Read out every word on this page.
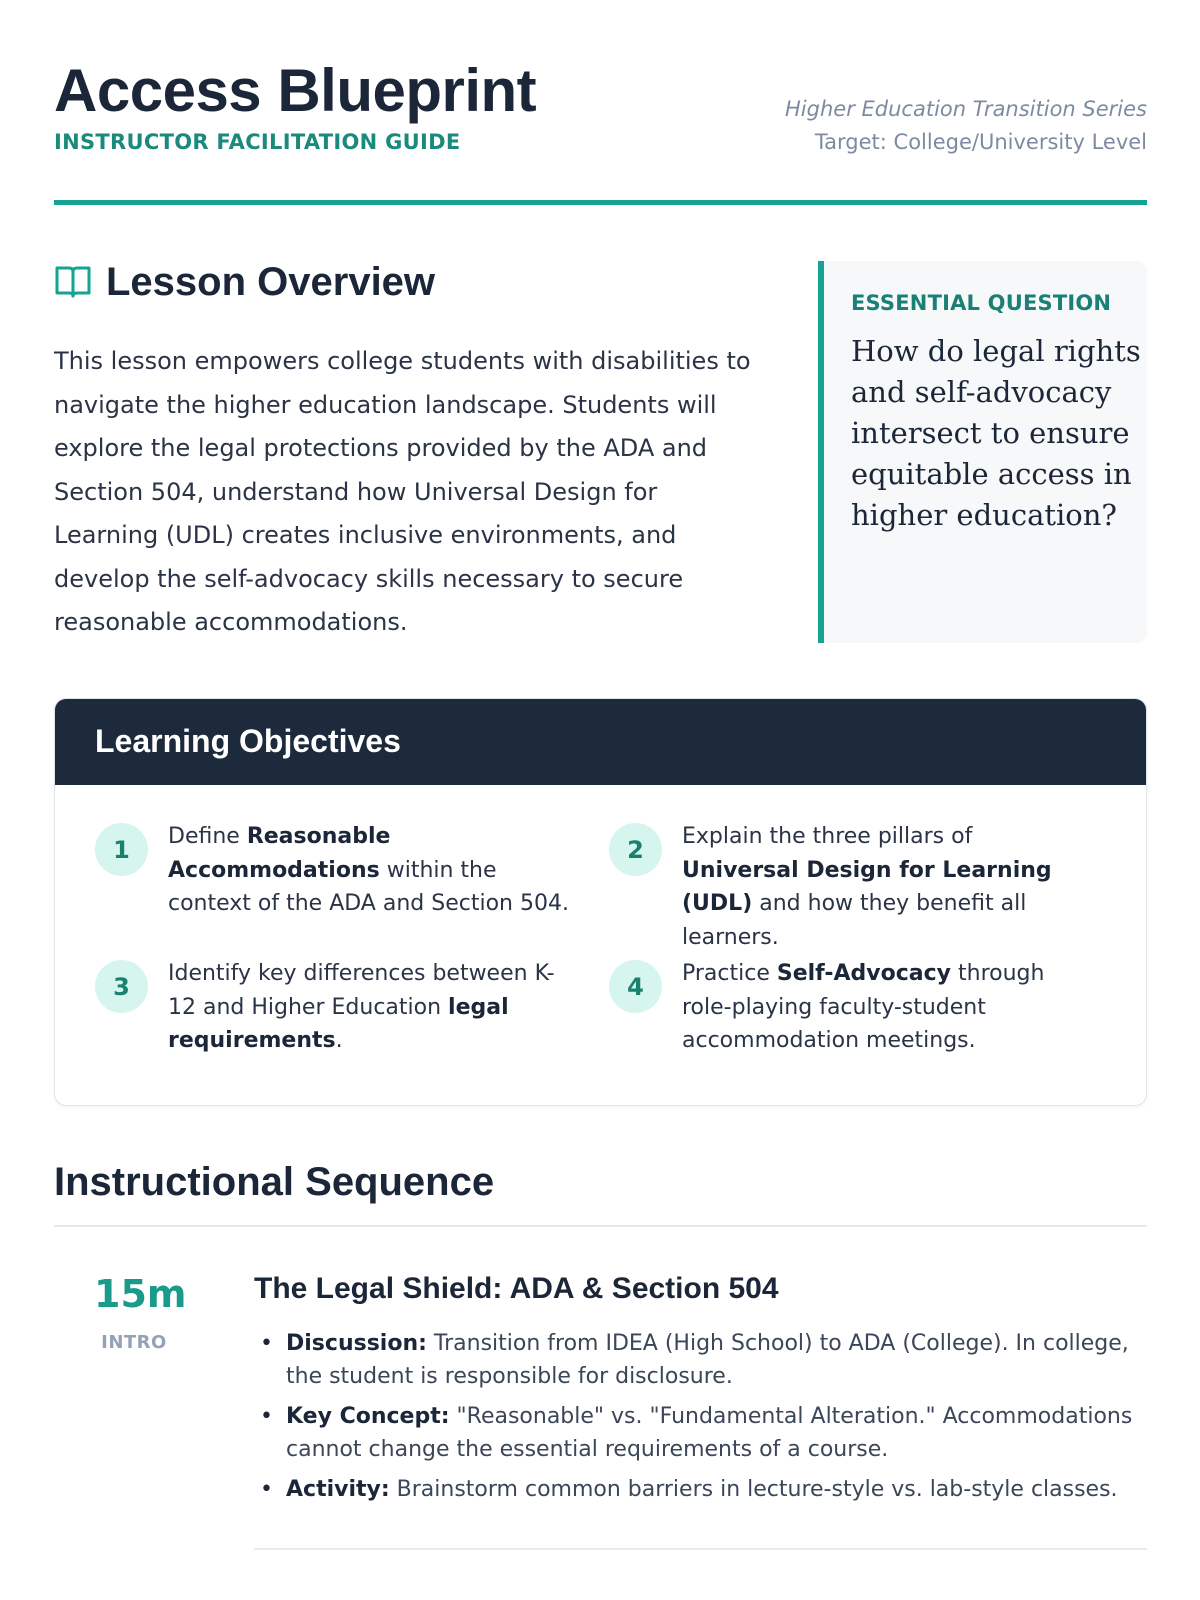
Access Blueprint
INSTRUCTOR FACILITATION GUIDE
Higher Education Transition Series
Target: College/University Level
Lesson Overview

This lesson empowers college students with disabilities to navigate the higher education landscape. Students will explore the legal protections provided by the ADA and Section 504, understand how Universal Design for Learning (UDL) creates inclusive environments, and develop the self-advocacy skills necessary to secure reasonable accommodations.

ESSENTIAL QUESTION
How do legal rights and self-advocacy intersect to ensure equitable access in higher education?
Learning Objectives
1	Define Reasonable Accommodations within the context of the ADA and Section 504.
2	Explain the three pillars of Universal Design for Learning (UDL) and how they benefit all learners.
3	Identify key differences between K-12 and Higher Education legal requirements.
4	Practice Self-Advocacy through role-playing faculty-student accommodation meetings.
Instructional Sequence
15m
INTRO
The Legal Shield: ADA & Section 504
• Discussion: Transition from IDEA (High School) to ADA (College). In college, the student is responsible for disclosure.
• Key Concept: "Reasonable" vs. "Fundamental Alteration." Accommodations cannot change the essential requirements of a course.
• Activity: Brainstorm common barriers in lecture-style vs. lab-style classes.
